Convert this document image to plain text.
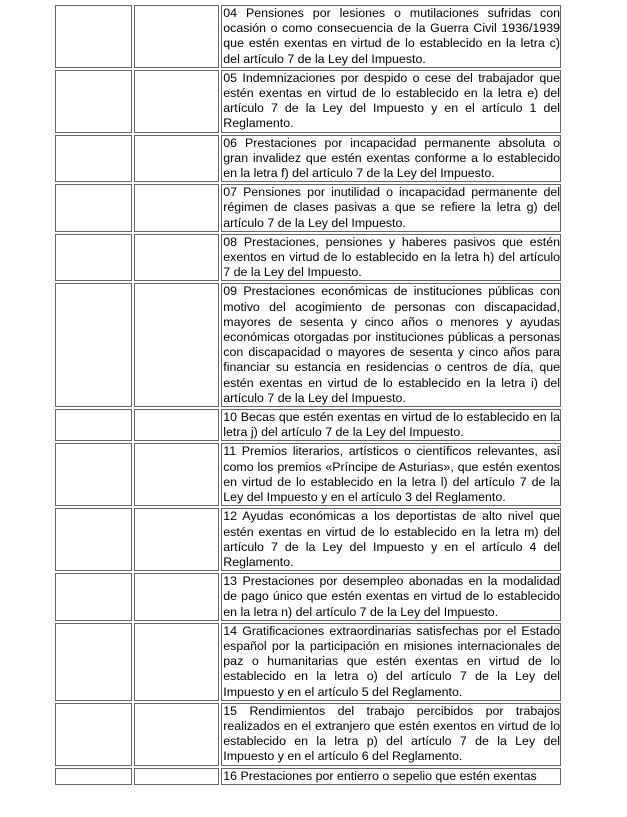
		04 Pensiones por lesiones o mutilaciones sufridas con ocasión o como consecuencia de la Guerra Civil 1936/1939 que estén exentas en virtud de lo establecido en la letra c) del artículo 7 de la Ley del Impuesto.

		05 Indemnizaciones por despido o cese del trabajador que estén exentas en virtud de lo establecido en la letra e) del artículo 7 de la Ley del Impuesto y en el artículo 1 del Reglamento.

		06 Prestaciones por incapacidad permanente absoluta o gran invalidez que estén exentas conforme a lo establecido en la letra f) del artículo 7 de la Ley del Impuesto.

		07 Pensiones por inutilidad o incapacidad permanente del régimen de clases pasivas a que se refiere la letra g) del artículo 7 de la Ley del Impuesto.

		08 Prestaciones, pensiones y haberes pasivos que estén exentos en virtud de lo establecido en la letra h) del artículo 7 de la Ley del Impuesto.

		09 Prestaciones económicas de instituciones públicas con motivo del acogimiento de personas con discapacidad, mayores de sesenta y cinco años o menores y ayudas económicas otorgadas por instituciones públicas a personas con discapacidad o mayores de sesenta y cinco años para financiar su estancia en residencias o centros de día, que estén exentas en virtud de lo establecido en la letra i) del artículo 7 de la Ley del Impuesto.

		10 Becas que estén exentas en virtud de lo establecido en la letra j) del artículo 7 de la Ley del Impuesto.

		11 Premios literarios, artísticos o científicos relevantes, así como los premios «Príncipe de Asturias», que estén exentos en virtud de lo establecido en la letra l) del artículo 7 de la Ley del Impuesto y en el artículo 3 del Reglamento.

		12 Ayudas económicas a los deportistas de alto nivel que estén exentas en virtud de lo establecido en la letra m) del artículo 7 de la Ley del Impuesto y en el artículo 4 del Reglamento.

		13 Prestaciones por desempleo abonadas en la modalidad de pago único que estén exentas en virtud de lo establecido en la letra n) del artículo 7 de la Ley del Impuesto.

		14 Gratificaciones extraordinarias satisfechas por el Estado español por la participación en misiones internacionales de paz o humanitarias que estén exentas en virtud de lo establecido en la letra o) del artículo 7 de la Ley del Impuesto y en el artículo 5 del Reglamento.

		15 Rendimientos del trabajo percibidos por trabajos realizados en el extranjero que estén exentos en virtud de lo establecido en la letra p) del artículo 7 de la Ley del Impuesto y en el artículo 6 del Reglamento.

		16 Prestaciones por entierro o sepelio que estén exentas
